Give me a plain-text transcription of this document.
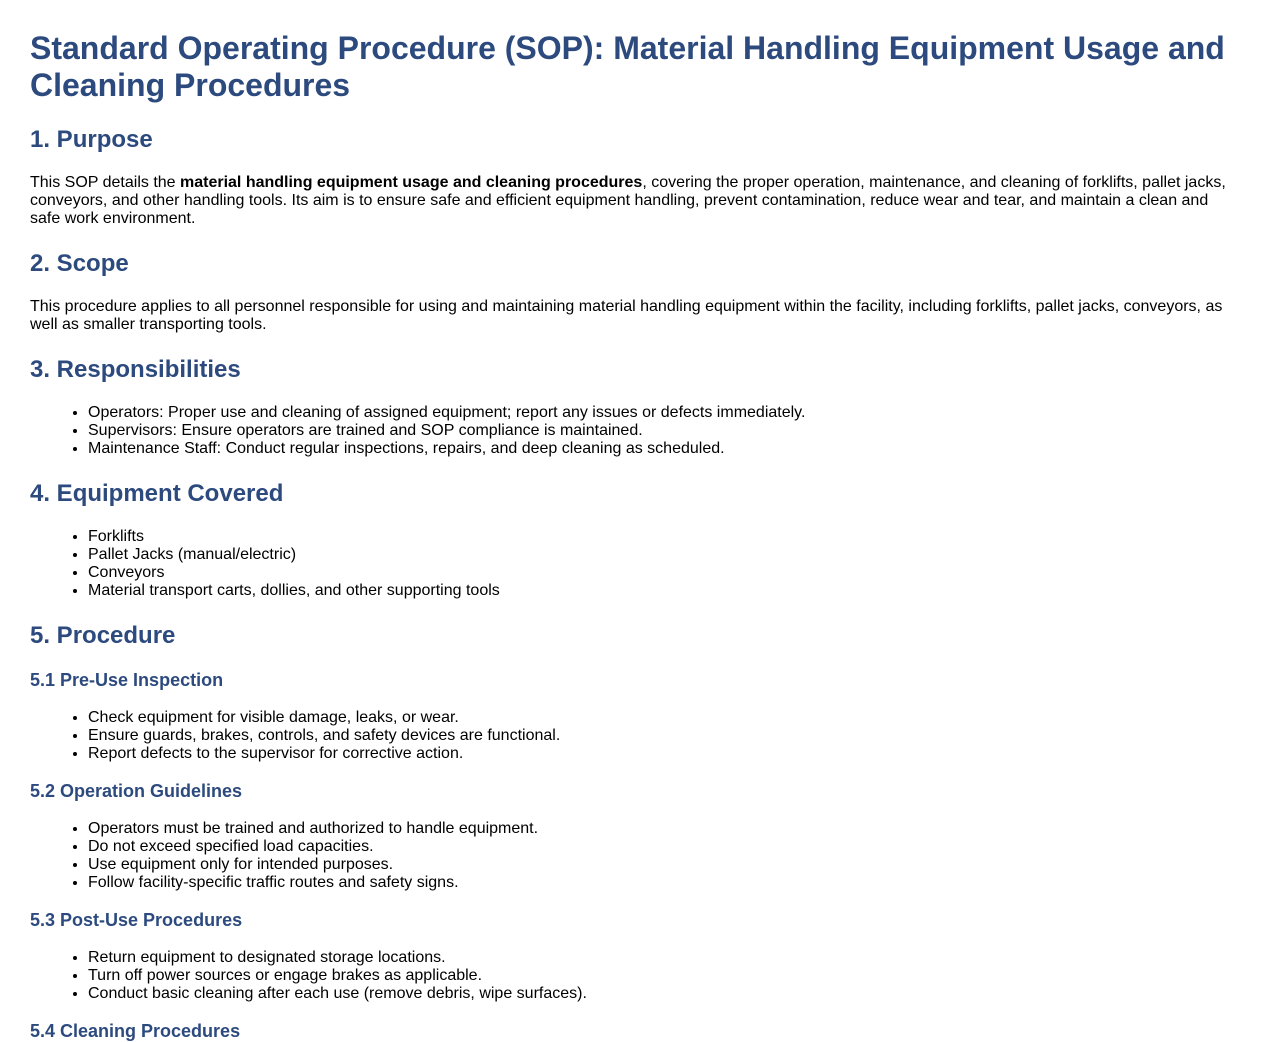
Standard Operating Procedure (SOP): Material Handling Equipment Usage and Cleaning Procedures
1. Purpose

This SOP details the material handling equipment usage and cleaning procedures, covering the proper operation, maintenance, and cleaning of forklifts, pallet jacks, conveyors, and other handling tools. Its aim is to ensure safe and efficient equipment handling, prevent contamination, reduce wear and tear, and maintain a clean and safe work environment.

2. Scope

This procedure applies to all personnel responsible for using and maintaining material handling equipment within the facility, including forklifts, pallet jacks, conveyors, as well as smaller transporting tools.

3. Responsibilities
• Operators: Proper use and cleaning of assigned equipment; report any issues or defects immediately.
• Supervisors: Ensure operators are trained and SOP compliance is maintained.
• Maintenance Staff: Conduct regular inspections, repairs, and deep cleaning as scheduled.
4. Equipment Covered
• Forklifts
• Pallet Jacks (manual/electric)
• Conveyors
• Material transport carts, dollies, and other supporting tools
5. Procedure
5.1 Pre-Use Inspection
• Check equipment for visible damage, leaks, or wear.
• Ensure guards, brakes, controls, and safety devices are functional.
• Report defects to the supervisor for corrective action.
5.2 Operation Guidelines
• Operators must be trained and authorized to handle equipment.
• Do not exceed specified load capacities.
• Use equipment only for intended purposes.
• Follow facility-specific traffic routes and safety signs.
5.3 Post-Use Procedures
• Return equipment to designated storage locations.
• Turn off power sources or engage brakes as applicable.
• Conduct basic cleaning after each use (remove debris, wipe surfaces).
5.4 Cleaning Procedures
